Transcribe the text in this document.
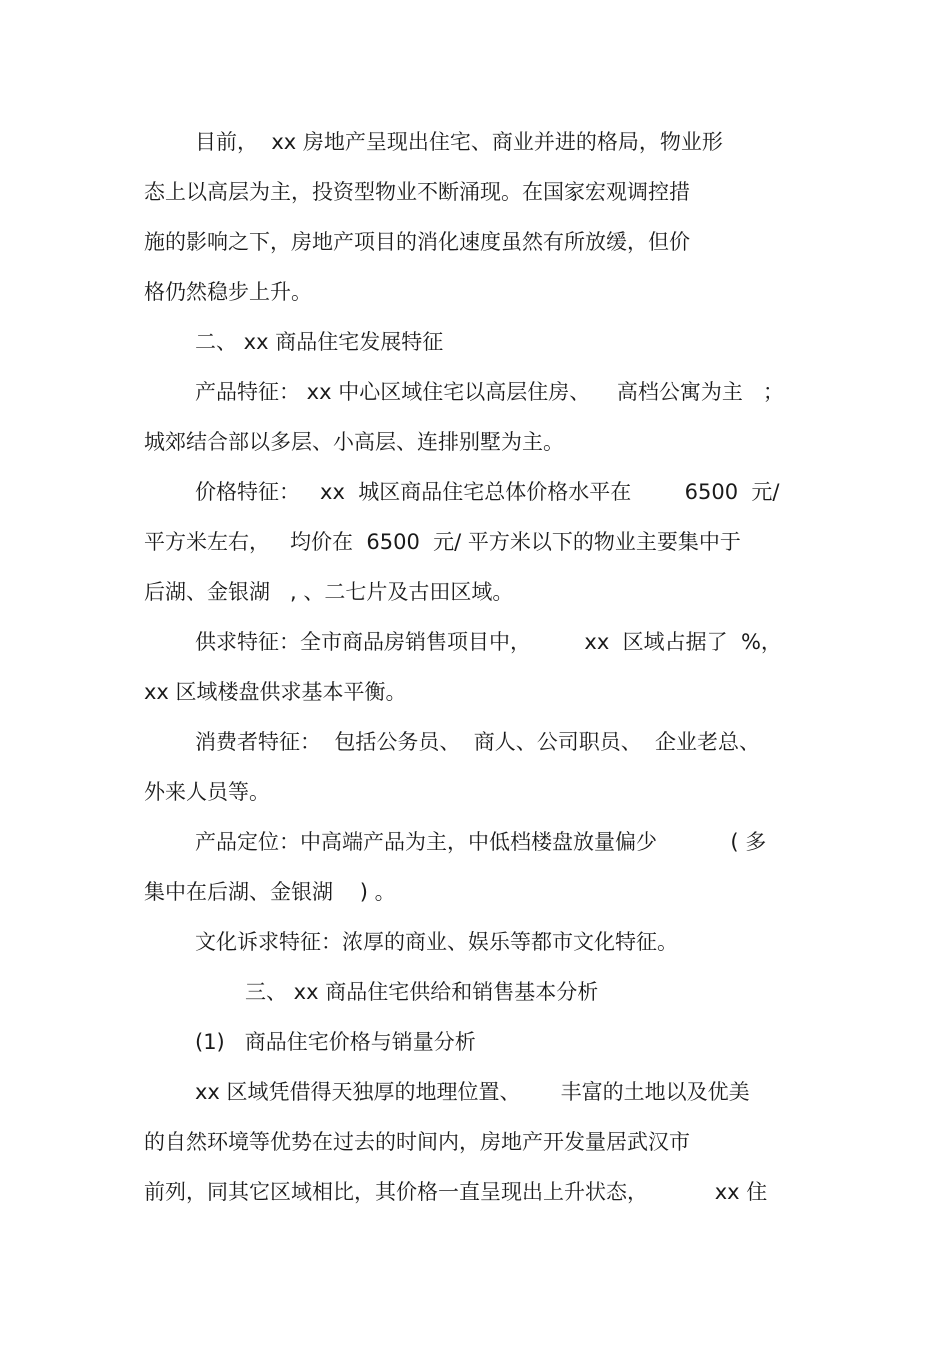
目前，  xx 房地产呈现出住宅、商业并进的格局，物业形
态上以高层为主，投资型物业不断涌现。在国家宏观调控措
施的影响之下，房地产项目的消化速度虽然有所放缓，但价
格仍然稳步上升。
二、 xx 商品住宅发展特征
产品特征： xx 中心区域住宅以高层住房、    高档公寓为主   ；
城郊结合部以多层、小高层、连排别墅为主。
价格特征：   xx  城区商品住宅总体价格水平在        6500  元/
平方米左右，   均价在  6500  元/ 平方米以下的物业主要集中于
后湖、金银湖   , 、二七片及古田区域。
供求特征：全市商品房销售项目中，        xx  区域占据了  %，
xx 区域楼盘供求基本平衡。
消费者特征：  包括公务员、  商人、公司职员、  企业老总、
外来人员等。
产品定位：中高端产品为主，中低档楼盘放量偏少           ( 多
集中在后湖、金银湖    ) 。
文化诉求特征：浓厚的商业、娱乐等都市文化特征。
三、 xx 商品住宅供给和销售基本分析
(1)   商品住宅价格与销量分析
xx 区域凭借得天独厚的地理位置、      丰富的土地以及优美
的自然环境等优势在过去的时间内，房地产开发量居武汉市
前列，同其它区域相比，其价格一直呈现出上升状态，          xx 住
